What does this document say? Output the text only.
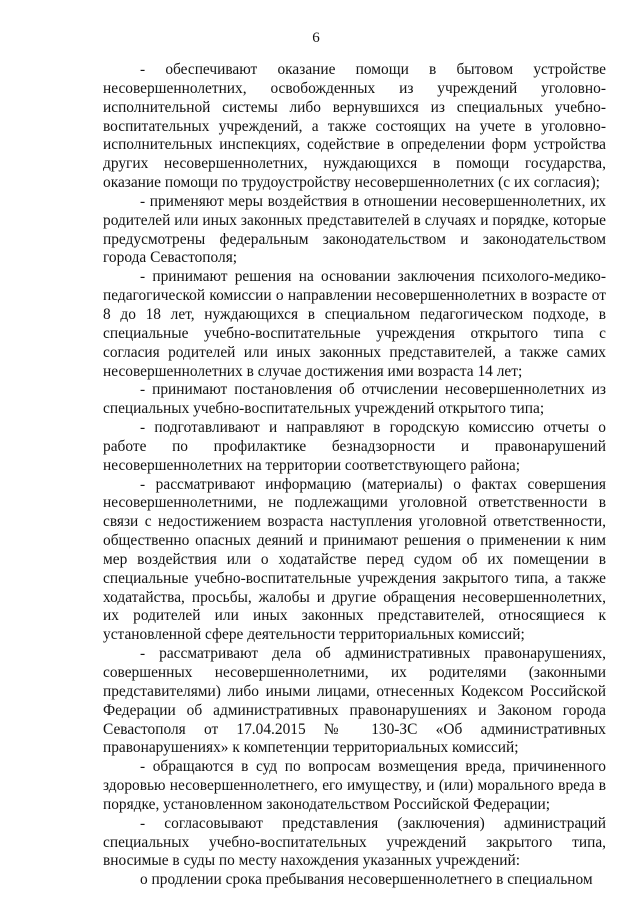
6

- обеспечивают оказание помощи в бытовом устройстве несовершеннолетних, освобожденных из учреждений уголовно-исполнительной системы либо вернувшихся из специальных учебно-воспитательных учреждений, а также состоящих на учете в уголовно-исполнительных инспекциях, содействие в определении форм устройства других несовершеннолетних, нуждающихся в помощи государства, оказание помощи по трудоустройству несовершеннолетних (с их согласия);

- применяют меры воздействия в отношении несовершеннолетних, их родителей или иных законных представителей в случаях и порядке, которые предусмотрены федеральным законодательством и законодательством города Севастополя;

- принимают решения на основании заключения психолого-медико-педагогической комиссии о направлении несовершеннолетних в возрасте от 8 до 18 лет, нуждающихся в специальном педагогическом подходе, в специальные учебно-воспитательные учреждения открытого типа с согласия родителей или иных законных представителей, а также самих несовершеннолетних в случае достижения ими возраста 14 лет;

- принимают постановления об отчислении несовершеннолетних из специальных учебно-воспитательных учреждений открытого типа;

- подготавливают и направляют в городскую комиссию отчеты о работе по профилактике безнадзорности и правонарушений несовершеннолетних на территории соответствующего района;

- рассматривают информацию (материалы) о фактах совершения несовершеннолетними, не подлежащими уголовной ответственности в связи с недостижением возраста наступления уголовной ответственности, общественно опасных деяний и принимают решения о применении к ним мер воздействия или о ходатайстве перед судом об их помещении в специальные учебно-воспитательные учреждения закрытого типа, а также ходатайства, просьбы, жалобы и другие обращения несовершеннолетних, их родителей или иных законных представителей, относящиеся к установленной сфере деятельности территориальных комиссий;

- рассматривают дела об административных правонарушениях, совершенных несовершеннолетними, их родителями (законными представителями) либо иными лицами, отнесенных Кодексом Российской Федерации об административных правонарушениях и Законом города Севастополя от 17.04.2015 № 130-ЗС «Об административных правонарушениях» к компетенции территориальных комиссий;

- обращаются в суд по вопросам возмещения вреда, причиненного здоровью несовершеннолетнего, его имуществу, и (или) морального вреда в порядке, установленном законодательством Российской Федерации;

- согласовывают представления (заключения) администраций специальных учебно-воспитательных учреждений закрытого типа, вносимые в суды по месту нахождения указанных учреждений:

о продлении срока пребывания несовершеннолетнего в специальном
